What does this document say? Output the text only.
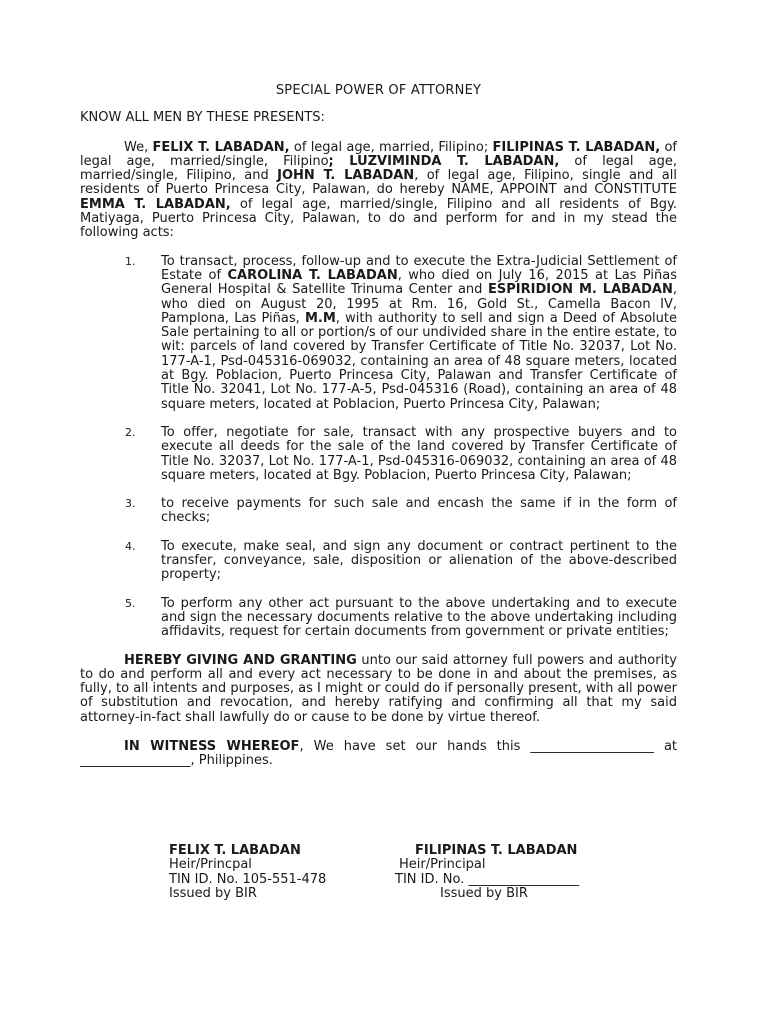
SPECIAL POWER OF ATTORNEY
KNOW ALL MEN BY THESE PRESENTS:

We, FELIX T. LABADAN, of legal age, married, Filipino; FILIPINAS T. LABADAN, of legal age, married/single, Filipino; LUZVIMINDA T. LABADAN, of legal age, married/single, Filipino, and JOHN T. LABADAN, of legal age, Filipino, single and all residents of Puerto Princesa City, Palawan, do hereby NAME, APPOINT and CONSTITUTE EMMA T. LABADAN, of legal age, married/single, Filipino and all residents of Bgy. Matiyaga, Puerto Princesa City, Palawan, to do and perform for and in my stead the following acts:

1. To transact, process, follow-up and to execute the Extra-Judicial Settlement of Estate of CAROLINA T. LABADAN, who died on July 16, 2015 at Las Piñas General Hospital & Satellite Trinuma Center and ESPIRIDION M. LABADAN, who died on August 20, 1995 at Rm. 16, Gold St., Camella Bacon IV, Pamplona, Las Piñas, M.M, with authority to sell and sign a Deed of Absolute Sale pertaining to all or portion/s of our undivided share in the entire estate, to wit: parcels of land covered by Transfer Certificate of Title No. 32037, Lot No. 177-A-1, Psd-045316-069032, containing an area of 48 square meters, located at Bgy. Poblacion, Puerto Princesa City, Palawan and Transfer Certificate of Title No. 32041, Lot No. 177-A-5, Psd-045316 (Road), containing an area of 48 square meters, located at Poblacion, Puerto Princesa City, Palawan;
2. To offer, negotiate for sale, transact with any prospective buyers and to execute all deeds for the sale of the land covered by Transfer Certificate of Title No. 32037, Lot No. 177-A-1, Psd-045316-069032, containing an area of 48 square meters, located at Bgy. Poblacion, Puerto Princesa City, Palawan;
3. to receive payments for such sale and encash the same if in the form of checks;
4. To execute, make seal, and sign any document or contract pertinent to the transfer, conveyance, sale, disposition or alienation of the above-described property;
5. To perform any other act pursuant to the above undertaking and to execute and sign the necessary documents relative to the above undertaking including affidavits, request for certain documents from government or private entities;

HEREBY GIVING AND GRANTING unto our said attorney full powers and authority to do and perform all and every act necessary to be done in and about the premises, as fully, to all intents and purposes, as I might or could do if personally present, with all power of substitution and revocation, and hereby ratifying and confirming all that my said attorney-in-fact shall lawfully do or cause to be done by virtue thereof.

IN WITNESS WHEREOF, We have set our hands this ___________________ at _________________, Philippines.

FELIX T. LABADAN
Heir/Princpal
TIN ID. No. 105-551-478
Issued by BIR
FILIPINAS T. LABADAN
Heir/Principal
TIN ID. No. _________________
Issued by BIR
